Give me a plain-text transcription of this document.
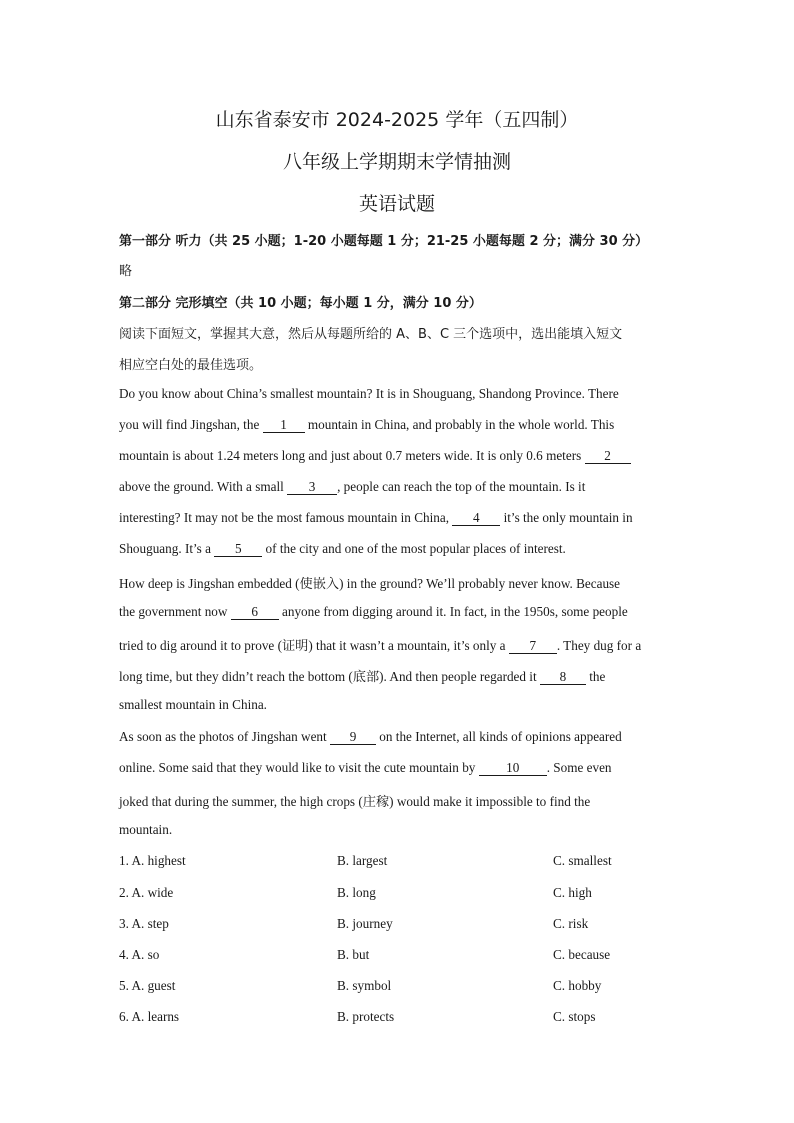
山东省泰安市 2024-2025 学年（五四制）
八年级上学期期末学情抽测
英语试题
第一部分 听力（共 25 小题；1-20 小题每题 1 分；21-25 小题每题 2 分；满分 30 分）
略
第二部分 完形填空（共 10 小题；每小题 1 分，满分 10 分）
阅读下面短文，掌握其大意，然后从每题所给的 A、B、C 三个选项中，选出能填入短文
相应空白处的最佳选项。
Do you know about China’s smallest mountain? It is in Shouguang, Shandong Province. There
you will find Jingshan, the 1 mountain in China, and probably in the whole world. This
mountain is about 1.24 meters long and just about 0.7 meters wide. It is only 0.6 meters 2
above the ground. With a small 3 , people can reach the top of the mountain. Is it
interesting? It may not be the most famous mountain in China, 4 it’s the only mountain in
Shouguang. It’s a 5 of the city and one of the most popular places of interest.
How deep is Jingshan embedded (使嵌入) in the ground? We’ll probably never know. Because
the government now 6 anyone from digging around it. In fact, in the 1950s, some people
tried to dig around it to prove (证明) that it wasn’t a mountain, it’s only a 7 . They dug for a
long time, but they didn’t reach the bottom (底部). And then people regarded it 8 the
smallest mountain in China.
As soon as the photos of Jingshan went 9 on the Internet, all kinds of opinions appeared
online. Some said that they would like to visit the cute mountain by 10 . Some even
joked that during the summer, the high crops (庄稼) would make it impossible to find the
mountain.
1. A. highest	B. largest	C. smallest
2. A. wide	B. long	C. high
3. A. step	B. journey	C. risk
4. A. so	B. but	C. because
5. A. guest	B. symbol	C. hobby
6. A. learns	B. protects	C. stops
